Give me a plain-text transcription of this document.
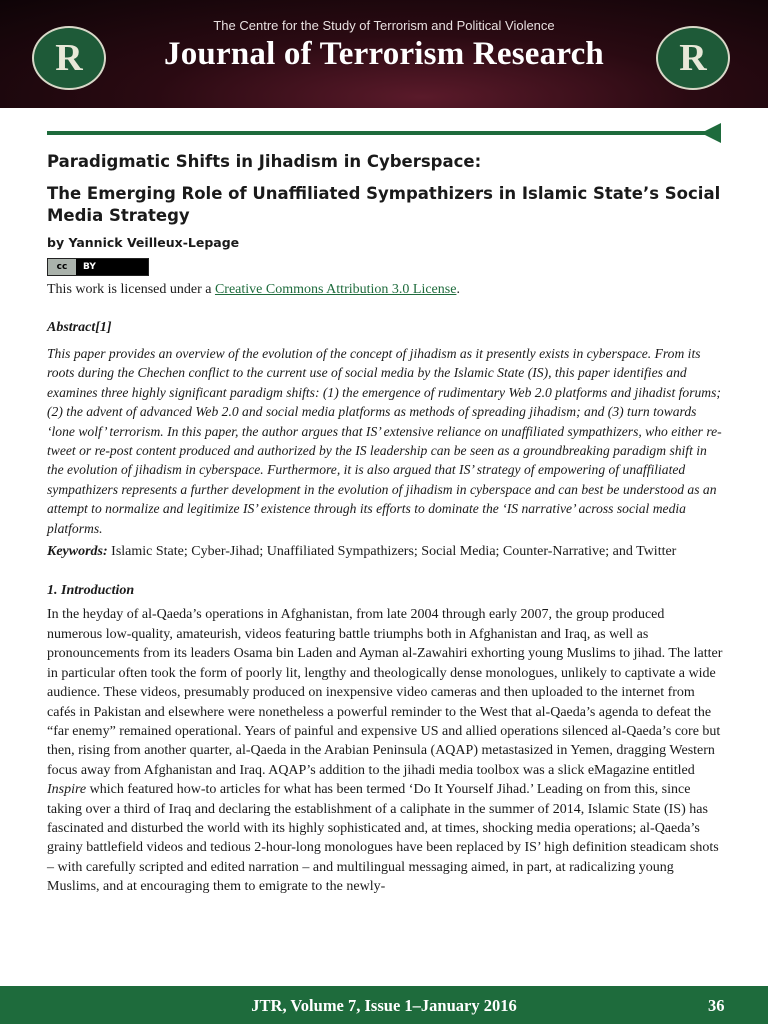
R
The Centre for the Study of Terrorism and Political Violence
Journal of Terrorism Research	R
Paradigmatic Shifts in Jihadism in Cyberspace:
The Emerging Role of Unaffiliated Sympathizers in Islamic State’s Social Media Strategy
by Yannick Veilleux-Lepage
cc	BY
This work is licensed under a Creative Commons Attribution 3.0 License.
Abstract[1]
This paper provides an overview of the evolution of the concept of jihadism as it presently exists in cyberspace. From its roots during the Chechen conflict to the current use of social media by the Islamic State (IS), this paper identifies and examines three highly significant paradigm shifts: (1) the emergence of rudimentary Web 2.0 platforms and jihadist forums; (2) the advent of advanced Web 2.0 and social media platforms as methods of spreading jihadism; and (3) turn towards ‘lone wolf’ terrorism. In this paper, the author argues that IS’ extensive reliance on unaffiliated sympathizers, who either re-tweet or re-post content produced and authorized by the IS leadership can be seen as a groundbreaking paradigm shift in the evolution of jihadism in cyberspace. Furthermore, it is also argued that IS’ strategy of empowering of unaffiliated sympathizers represents a further development in the evolution of jihadism in cyberspace and can best be understood as an attempt to normalize and legitimize IS’ existence through its efforts to dominate the ‘IS narrative’ across social media platforms.
Keywords: Islamic State; Cyber-Jihad; Unaffiliated Sympathizers; Social Media; Counter-Narrative; and Twitter
1. Introduction

In the heyday of al-Qaeda’s operations in Afghanistan, from late 2004 through early 2007, the group produced numerous low-quality, amateurish, videos featuring battle triumphs both in Afghanistan and Iraq, as well as pronouncements from its leaders Osama bin Laden and Ayman al-Zawahiri exhorting young Muslims to jihad. The latter in particular often took the form of poorly lit, lengthy and theologically dense monologues, unlikely to captivate a wide audience. These videos, presumably produced on inexpensive video cameras and then uploaded to the internet from cafés in Pakistan and elsewhere were nonetheless a powerful reminder to the West that al-Qaeda’s agenda to defeat the “far enemy” remained operational. Years of painful and expensive US and allied operations silenced al-Qaeda’s core but then, rising from another quarter, al-Qaeda in the Arabian Peninsula (AQAP) metastasized in Yemen, dragging Western focus away from Afghanistan and Iraq. AQAP’s addition to the jihadi media toolbox was a slick eMagazine entitled Inspire which featured how-to articles for what has been termed ‘Do It Yourself Jihad.’ Leading on from this, since taking over a third of Iraq and declaring the establishment of a caliphate in the summer of 2014, Islamic State (IS) has fascinated and disturbed the world with its highly sophisticated and, at times, shocking media operations; al-Qaeda’s grainy battlefield videos and tedious 2-hour-long monologues have been replaced by IS’ high definition steadicam shots – with carefully scripted and edited narration – and multilingual messaging aimed, in part, at radicalizing young Muslims, and at encouraging them to emigrate to the newly-

JTR, Volume 7, Issue 1–January 2016	36
